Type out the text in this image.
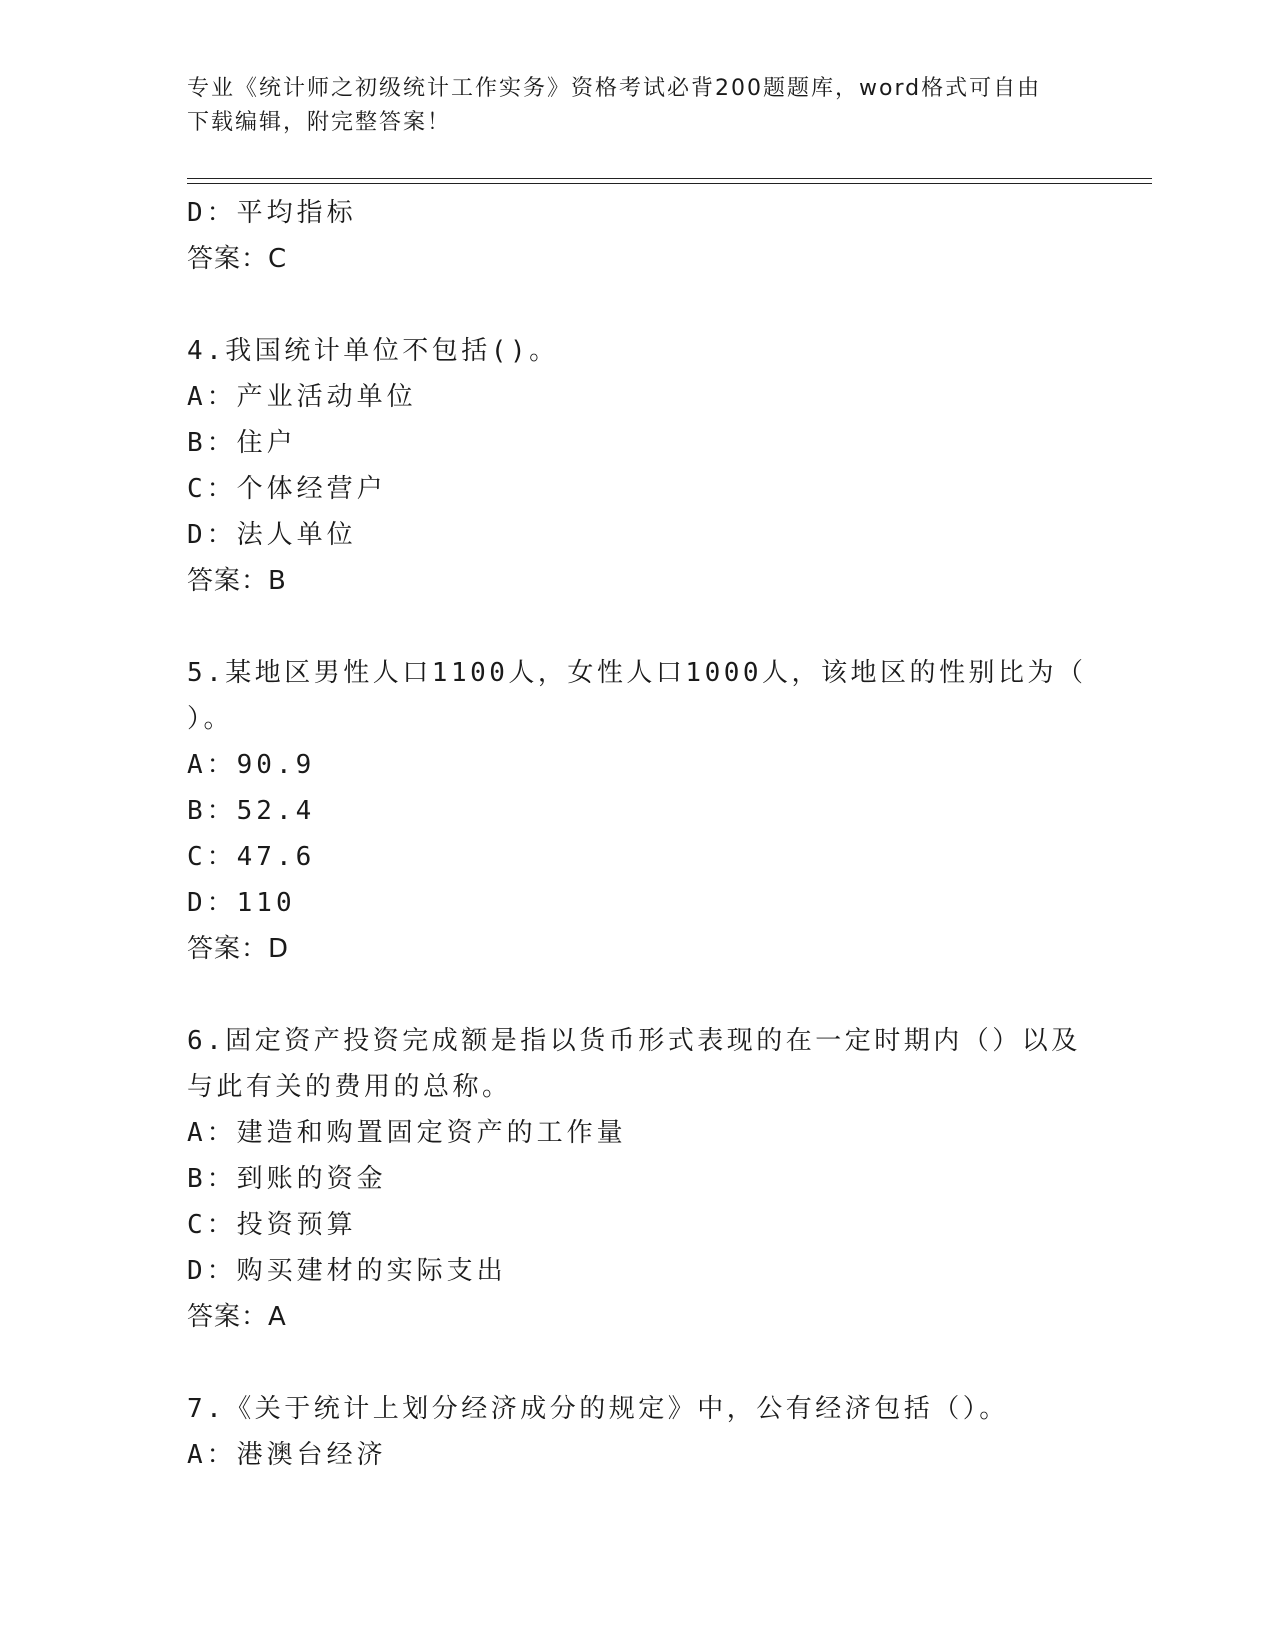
专业《统计师之初级统计工作实务》资格考试必背200题题库，word格式可自由
下载编辑，附完整答案！
D：平均指标
答案：C
4.我国统计单位不包括()。
A：产业活动单位
B：住户
C：个体经营户
D：法人单位
答案：B
5.某地区男性人口1100人，女性人口1000人，该地区的性别比为（
）。
A：90.9
B：52.4
C：47.6
D：110
答案：D
6.固定资产投资完成额是指以货币形式表现的在一定时期内（）以及
与此有关的费用的总称。
A：建造和购置固定资产的工作量
B：到账的资金
C：投资预算
D：购买建材的实际支出
答案：A
7.《关于统计上划分经济成分的规定》中，公有经济包括（）。
A：港澳台经济
